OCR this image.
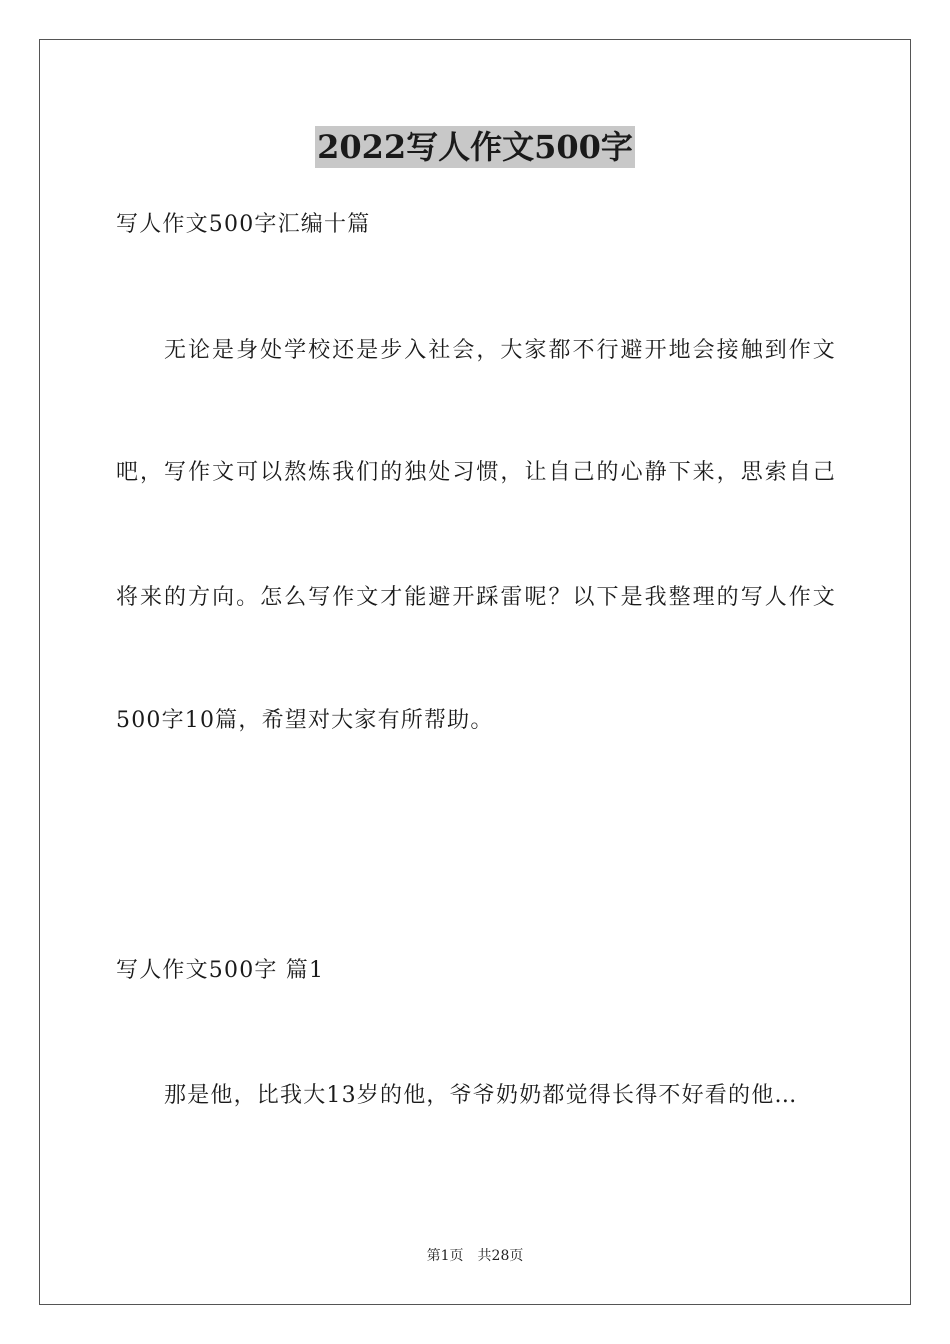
2022写人作文500字
写人作文500字汇编十篇
无论是身处学校还是步入社会，大家都不行避开地会接触到作文
吧，写作文可以熬炼我们的独处习惯，让自己的心静下来，思索自己
将来的方向。怎么写作文才能避开踩雷呢？以下是我整理的写人作文
500字10篇，希望对大家有所帮助。
写人作文500字 篇1
那是他，比我大13岁的他，爷爷奶奶都觉得长得不好看的他…
第1页 共28页
